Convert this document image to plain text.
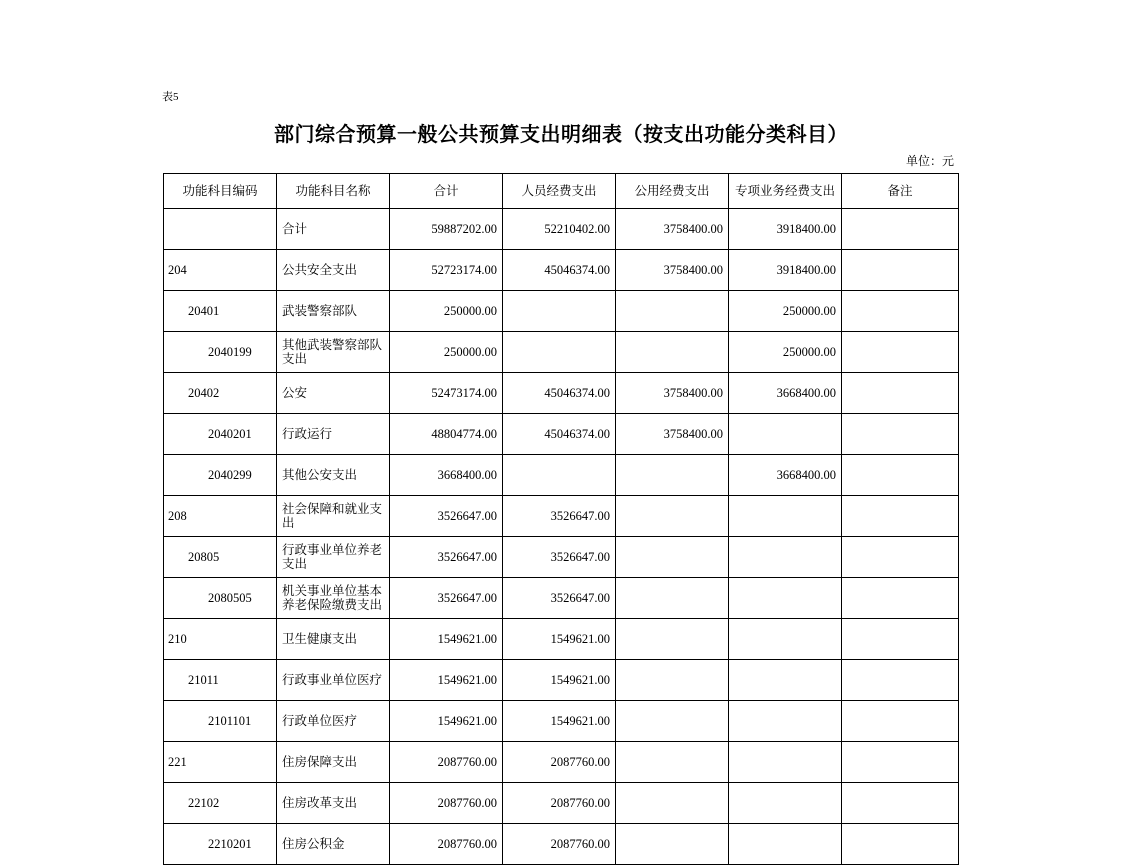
表5
部门综合预算一般公共预算支出明细表（按支出功能分类科目）
单位：元
功能科目编码	功能科目名称	合计	人员经费支出	公用经费支出	专项业务经费支出	备注
	合计	59887202.00	52210402.00	3758400.00	3918400.00	
204	公共安全支出	52723174.00	45046374.00	3758400.00	3918400.00	
20401	武装警察部队	250000.00			250000.00	
2040199	其他武装警察部队支出	250000.00			250000.00	
20402	公安	52473174.00	45046374.00	3758400.00	3668400.00	
2040201	行政运行	48804774.00	45046374.00	3758400.00		
2040299	其他公安支出	3668400.00			3668400.00	
208	社会保障和就业支出	3526647.00	3526647.00			
20805	行政事业单位养老支出	3526647.00	3526647.00			
2080505	机关事业单位基本养老保险缴费支出	3526647.00	3526647.00			
210	卫生健康支出	1549621.00	1549621.00			
21011	行政事业单位医疗	1549621.00	1549621.00			
2101101	行政单位医疗	1549621.00	1549621.00			
221	住房保障支出	2087760.00	2087760.00			
22102	住房改革支出	2087760.00	2087760.00			
2210201	住房公积金	2087760.00	2087760.00			
